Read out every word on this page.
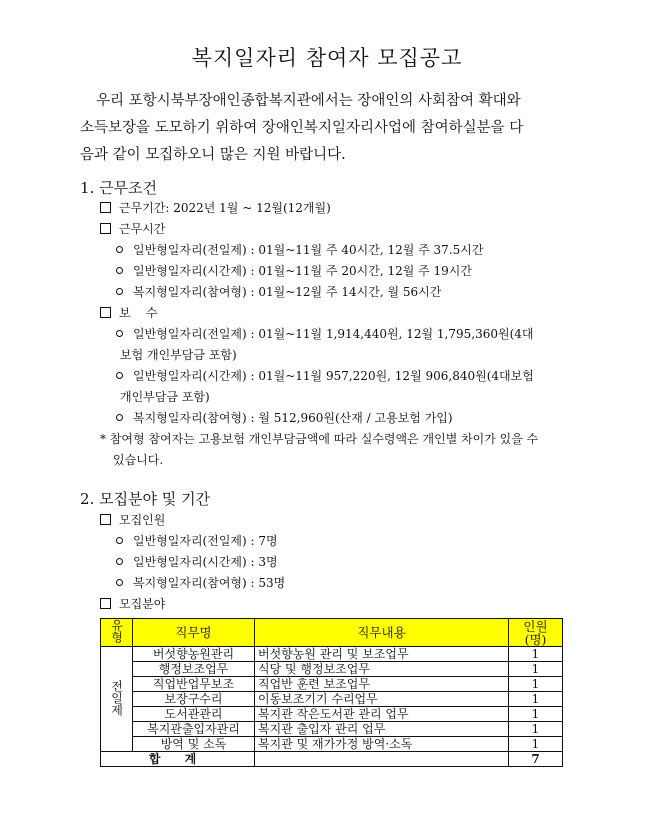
복지일자리 참여자 모집공고
우리 포항시북부장애인종합복지관에서는 장애인의 사회참여 확대와
소득보장을 도모하기 위하여 장애인복지일자리사업에 참여하실분을 다
음과 같이 모집하오니 많은 지원 바랍니다.
1. 근무조건
근무기간: 2022년 1월 ~ 12월(12개월)
근무시간
일반형일자리(전일제) : 01월~11월 주 40시간, 12월 주 37.5시간
일반형일자리(시간제) : 01월~11월 주 20시간, 12월 주 19시간
복지형일자리(참여형) : 01월~12월 주 14시간, 월 56시간
보    수
일반형일자리(전일제) : 01월~11월 1,914,440원, 12월 1,795,360원(4대
보험 개인부담금 포함)
일반형일자리(시간제) : 01월~11월 957,220원, 12월 906,840원(4대보험
개인부담금 포함)
복지형일자리(참여형) : 월 512,960원(산재 / 고용보험 가입)
* 참여형 참여자는 고용보험 개인부담금액에 따라 실수령액은 개인별 차이가 있을 수
있습니다.
2. 모집분야 및 기간
모집인원
일반형일자리(전일제) : 7명
일반형일자리(시간제) : 3명
복지형일자리(참여형) : 53명
모집분야
유형	직무명	직무내용	인원(명)
전일제	버섯향농원관리	버섯향농원 관리 및 보조업무	1
	행정보조업무	식당 및 행정보조업무	1
	직업반업무보조	직업반 훈련 보조업무	1
	보장구수리	이동보조기기 수리업무	1
	도서관관리	복지관 작은도서관 관리 업무	1
	복지관출입자관리	복지관 출입자 관리 업무	1
	방역 및 소독	복지관 및 재가가정 방역·소독	1
합 계			7
